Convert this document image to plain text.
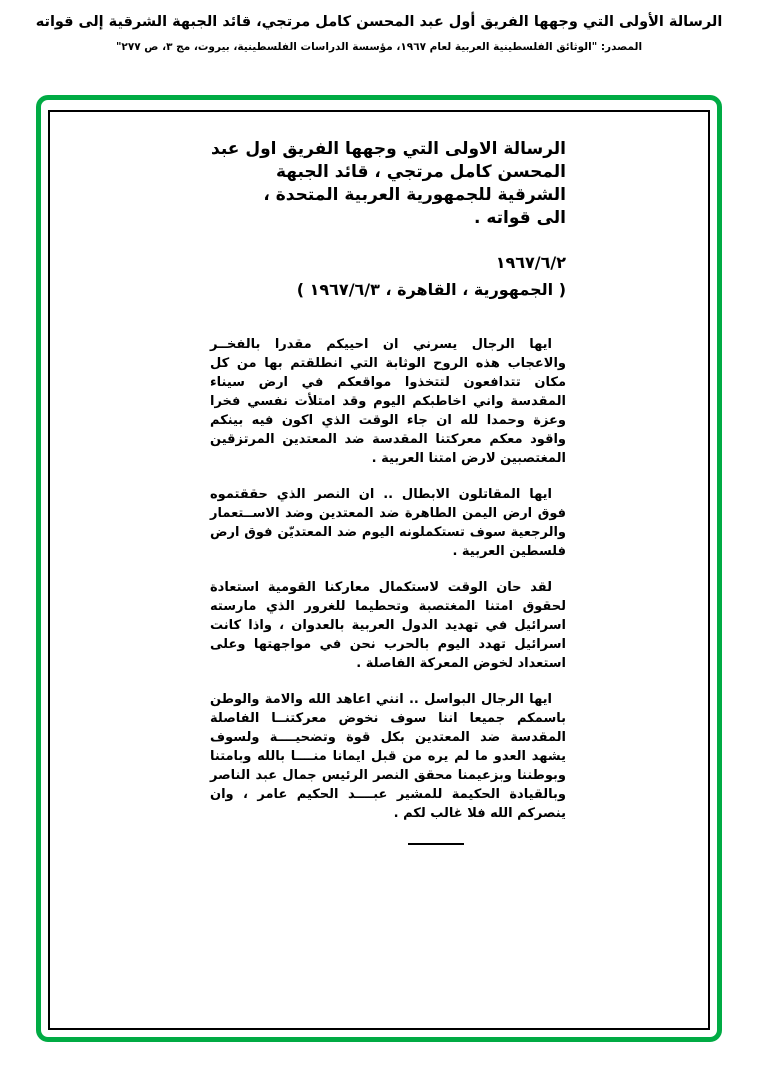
الرسالة الأولى التي وجهها الفريق أول عبد المحسن كامل مرتجي، قائد الجبهة الشرقية إلى قواته
المصدر: "الوثائق الفلسطينية العربية لعام ١٩٦٧، مؤسسة الدراسات الفلسطينية، بيروت، مج ٣، ص ٢٧٧"
الرسالة الاولى التي وجهها الفريق اول عبد
المحسن كامل مرتجي ، قائد الجبهة
الشرقية للجمهورية العربية المتحدة ،
الى قواته .
١٩٦٧/٦/٢
( الجمهورية ، القاهرة ، ١٩٦٧/٦/٣ )

ايها الرجال يسرني ان احييكم مقدرا بالفخــر والاعجاب هذه الروح الوثابة التي انطلقتم بها من كل مكان تتدافعون لتتخذوا مواقعكم في ارض سيناء المقدسة واني اخاطبكم اليوم وقد امتلأت نفسي فخرا وعزة وحمدا لله ان جاء الوقت الذي اكون فيه بينكم واقود معكم معركتنا المقدسة ضد المعتدين المرتزقين المغتصبين لارض امتنا العربية .

ايها المقاتلون الابطال .. ان النصر الذي حققتموه فوق ارض اليمن الطاهرة ضد المعتدين وضد الاســتعمار والرجعية سوف تستكملونه اليوم ضد المعتديّن فوق ارض فلسطين العربية .

لقد حان الوقت لاستكمال معاركنا القومية استعادة لحقوق امتنا المغتصبة وتحطيما للغرور الذي مارسته اسرائيل في تهديد الدول العربية بالعدوان ، واذا كانت اسرائيل تهدد اليوم بالحرب نحن في مواجهتها وعلى استعداد لخوض المعركة الفاصلة .

ايها الرجال البواسل .. انني اعاهد الله والامة والوطن باسمكم جميعا اننا سوف نخوض معركتنــا الفاصلة المقدسة ضد المعتدين بكل قوة وتضحيــــة ولسوف يشهد العدو ما لم يره من قبل ايمانا منــــا بالله وبامتنا وبوطننا وبزعيمنا محقق النصر الرئيس جمال عبد الناصر وبالقيادة الحكيمة للمشير عبــــد الحكيم عامر ، وان ينصركم الله فلا غالب لكم .
